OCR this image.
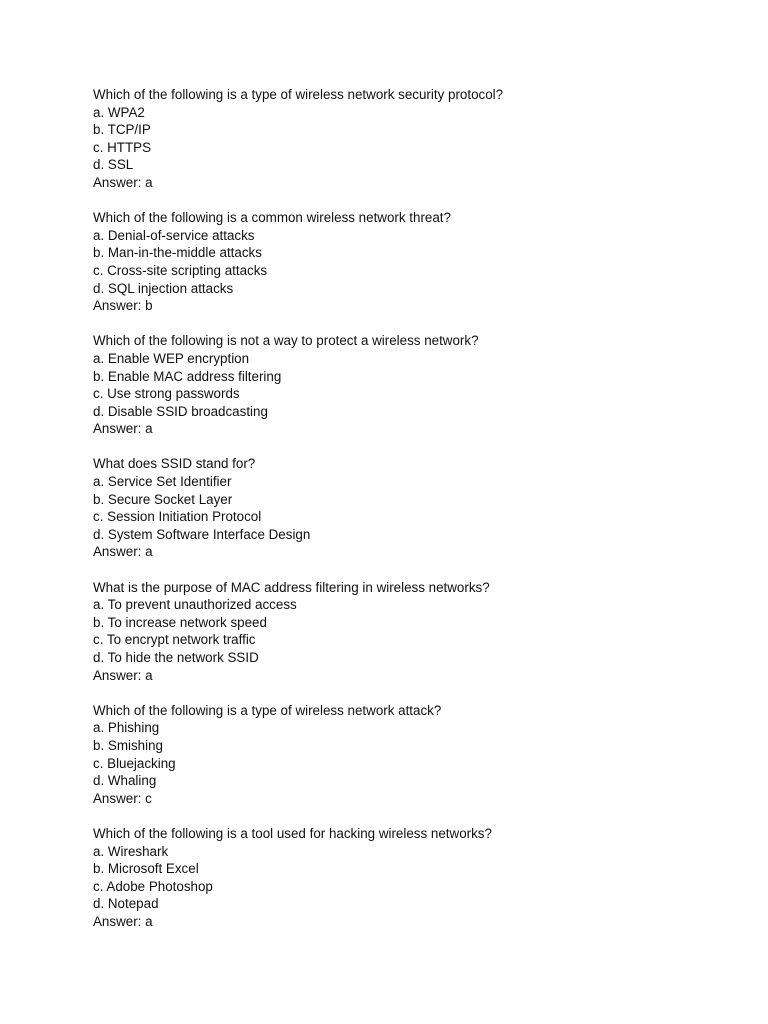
Which of the following is a type of wireless network security protocol?
a. WPA2
b. TCP/IP
c. HTTPS
d. SSL
Answer: a
Which of the following is a common wireless network threat?
a. Denial-of-service attacks
b. Man-in-the-middle attacks
c. Cross-site scripting attacks
d. SQL injection attacks
Answer: b
Which of the following is not a way to protect a wireless network?
a. Enable WEP encryption
b. Enable MAC address filtering
c. Use strong passwords
d. Disable SSID broadcasting
Answer: a
What does SSID stand for?
a. Service Set Identifier
b. Secure Socket Layer
c. Session Initiation Protocol
d. System Software Interface Design
Answer: a
What is the purpose of MAC address filtering in wireless networks?
a. To prevent unauthorized access
b. To increase network speed
c. To encrypt network traffic
d. To hide the network SSID
Answer: a
Which of the following is a type of wireless network attack?
a. Phishing
b. Smishing
c. Bluejacking
d. Whaling
Answer: c
Which of the following is a tool used for hacking wireless networks?
a. Wireshark
b. Microsoft Excel
c. Adobe Photoshop
d. Notepad
Answer: a
